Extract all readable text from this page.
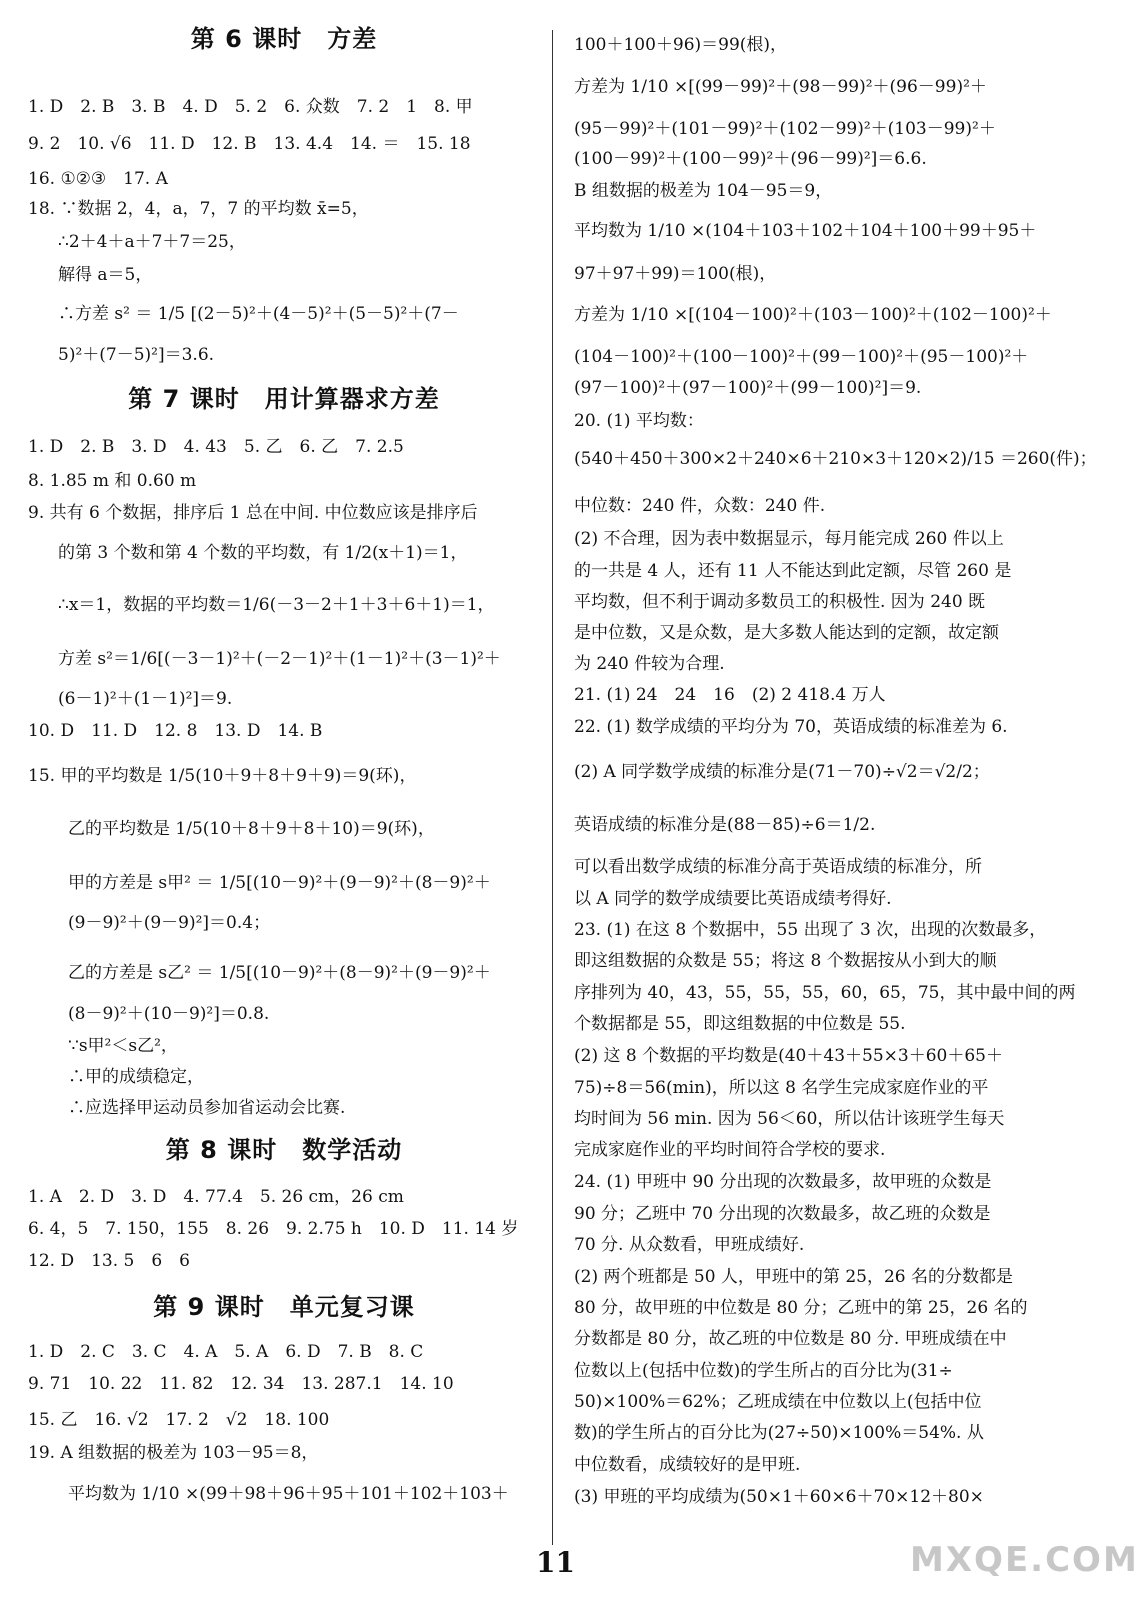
第 6 课时　方差
1. D　2. B　3. B　4. D　5. 2　6. 众数　7. 2　1　8. 甲
9. 2　10. √6　11. D　12. B　13. 4.4　14. ＝　15. 18
16. ①②③　17. A
18. ∵数据 2，4，a，7，7 的平均数 x̄=5，
∴2＋4＋a＋7＋7＝25，
解得 a＝5，
∴方差 s² ＝ 1/5 [(2－5)²＋(4－5)²＋(5－5)²＋(7－
5)²＋(7－5)²]＝3.6.
第 7 课时　用计算器求方差
1. D　2. B　3. D　4. 43　5. 乙　6. 乙　7. 2.5
8. 1.85 m 和 0.60 m
9. 共有 6 个数据，排序后 1 总在中间. 中位数应该是排序后
的第 3 个数和第 4 个数的平均数，有 1/2(x＋1)＝1，
∴x＝1，数据的平均数＝1/6(－3－2＋1＋3＋6＋1)＝1，
方差 s²＝1/6[(－3－1)²＋(－2－1)²＋(1－1)²＋(3－1)²＋
(6－1)²＋(1－1)²]＝9.
10. D　11. D　12. 8　13. D　14. B
15. 甲的平均数是 1/5(10＋9＋8＋9＋9)＝9(环)，
乙的平均数是 1/5(10＋8＋9＋8＋10)＝9(环)，
甲的方差是 s甲² ＝ 1/5[(10－9)²＋(9－9)²＋(8－9)²＋
(9－9)²＋(9－9)²]＝0.4；
乙的方差是 s乙² ＝ 1/5[(10－9)²＋(8－9)²＋(9－9)²＋
(8－9)²＋(10－9)²]＝0.8.
∵s甲²＜s乙²，
∴甲的成绩稳定，
∴应选择甲运动员参加省运动会比赛.
第 8 课时　数学活动
1. A　2. D　3. D　4. 77.4　5. 26 cm，26 cm
6. 4，5　7. 150，155　8. 26　9. 2.75 h　10. D　11. 14 岁
12. D　13. 5　6　6
第 9 课时　单元复习课
1. D　2. C　3. C　4. A　5. A　6. D　7. B　8. C
9. 71　10. 22　11. 82　12. 34　13. 287.1　14. 10
15. 乙　16. √2　17. 2　√2　18. 100
19. A 组数据的极差为 103－95＝8，
平均数为 1/10 ×(99＋98＋96＋95＋101＋102＋103＋
100＋100＋96)＝99(根)，
方差为 1/10 ×[(99－99)²＋(98－99)²＋(96－99)²＋
(95－99)²＋(101－99)²＋(102－99)²＋(103－99)²＋
(100－99)²＋(100－99)²＋(96－99)²]＝6.6.
B 组数据的极差为 104－95＝9，
平均数为 1/10 ×(104＋103＋102＋104＋100＋99＋95＋
97＋97＋99)＝100(根)，
方差为 1/10 ×[(104－100)²＋(103－100)²＋(102－100)²＋
(104－100)²＋(100－100)²＋(99－100)²＋(95－100)²＋
(97－100)²＋(97－100)²＋(99－100)²]＝9.
20. (1) 平均数：
(540＋450＋300×2＋240×6＋210×3＋120×2)/15 ＝260(件)；
中位数：240 件，众数：240 件.
(2) 不合理，因为表中数据显示，每月能完成 260 件以上
的一共是 4 人，还有 11 人不能达到此定额，尽管 260 是
平均数，但不利于调动多数员工的积极性. 因为 240 既
是中位数，又是众数，是大多数人能达到的定额，故定额
为 240 件较为合理.
21. (1) 24　24　16　(2) 2 418.4 万人
22. (1) 数学成绩的平均分为 70，英语成绩的标准差为 6.
(2) A 同学数学成绩的标准分是(71－70)÷√2＝√2/2；
英语成绩的标准分是(88－85)÷6＝1/2.
可以看出数学成绩的标准分高于英语成绩的标准分，所
以 A 同学的数学成绩要比英语成绩考得好.
23. (1) 在这 8 个数据中，55 出现了 3 次，出现的次数最多，
即这组数据的众数是 55；将这 8 个数据按从小到大的顺
序排列为 40，43，55，55，55，60，65，75，其中最中间的两
个数据都是 55，即这组数据的中位数是 55.
(2) 这 8 个数据的平均数是(40＋43＋55×3＋60＋65＋
75)÷8＝56(min)，所以这 8 名学生完成家庭作业的平
均时间为 56 min. 因为 56＜60，所以估计该班学生每天
完成家庭作业的平均时间符合学校的要求.
24. (1) 甲班中 90 分出现的次数最多，故甲班的众数是
90 分；乙班中 70 分出现的次数最多，故乙班的众数是
70 分. 从众数看，甲班成绩好.
(2) 两个班都是 50 人，甲班中的第 25，26 名的分数都是
80 分，故甲班的中位数是 80 分；乙班中的第 25，26 名的
分数都是 80 分，故乙班的中位数是 80 分. 甲班成绩在中
位数以上(包括中位数)的学生所占的百分比为(31÷
50)×100%＝62%；乙班成绩在中位数以上(包括中位
数)的学生所占的百分比为(27÷50)×100%＝54%. 从
中位数看，成绩较好的是甲班.
(3) 甲班的平均成绩为(50×1＋60×6＋70×12＋80×
11	MXQE.COM
